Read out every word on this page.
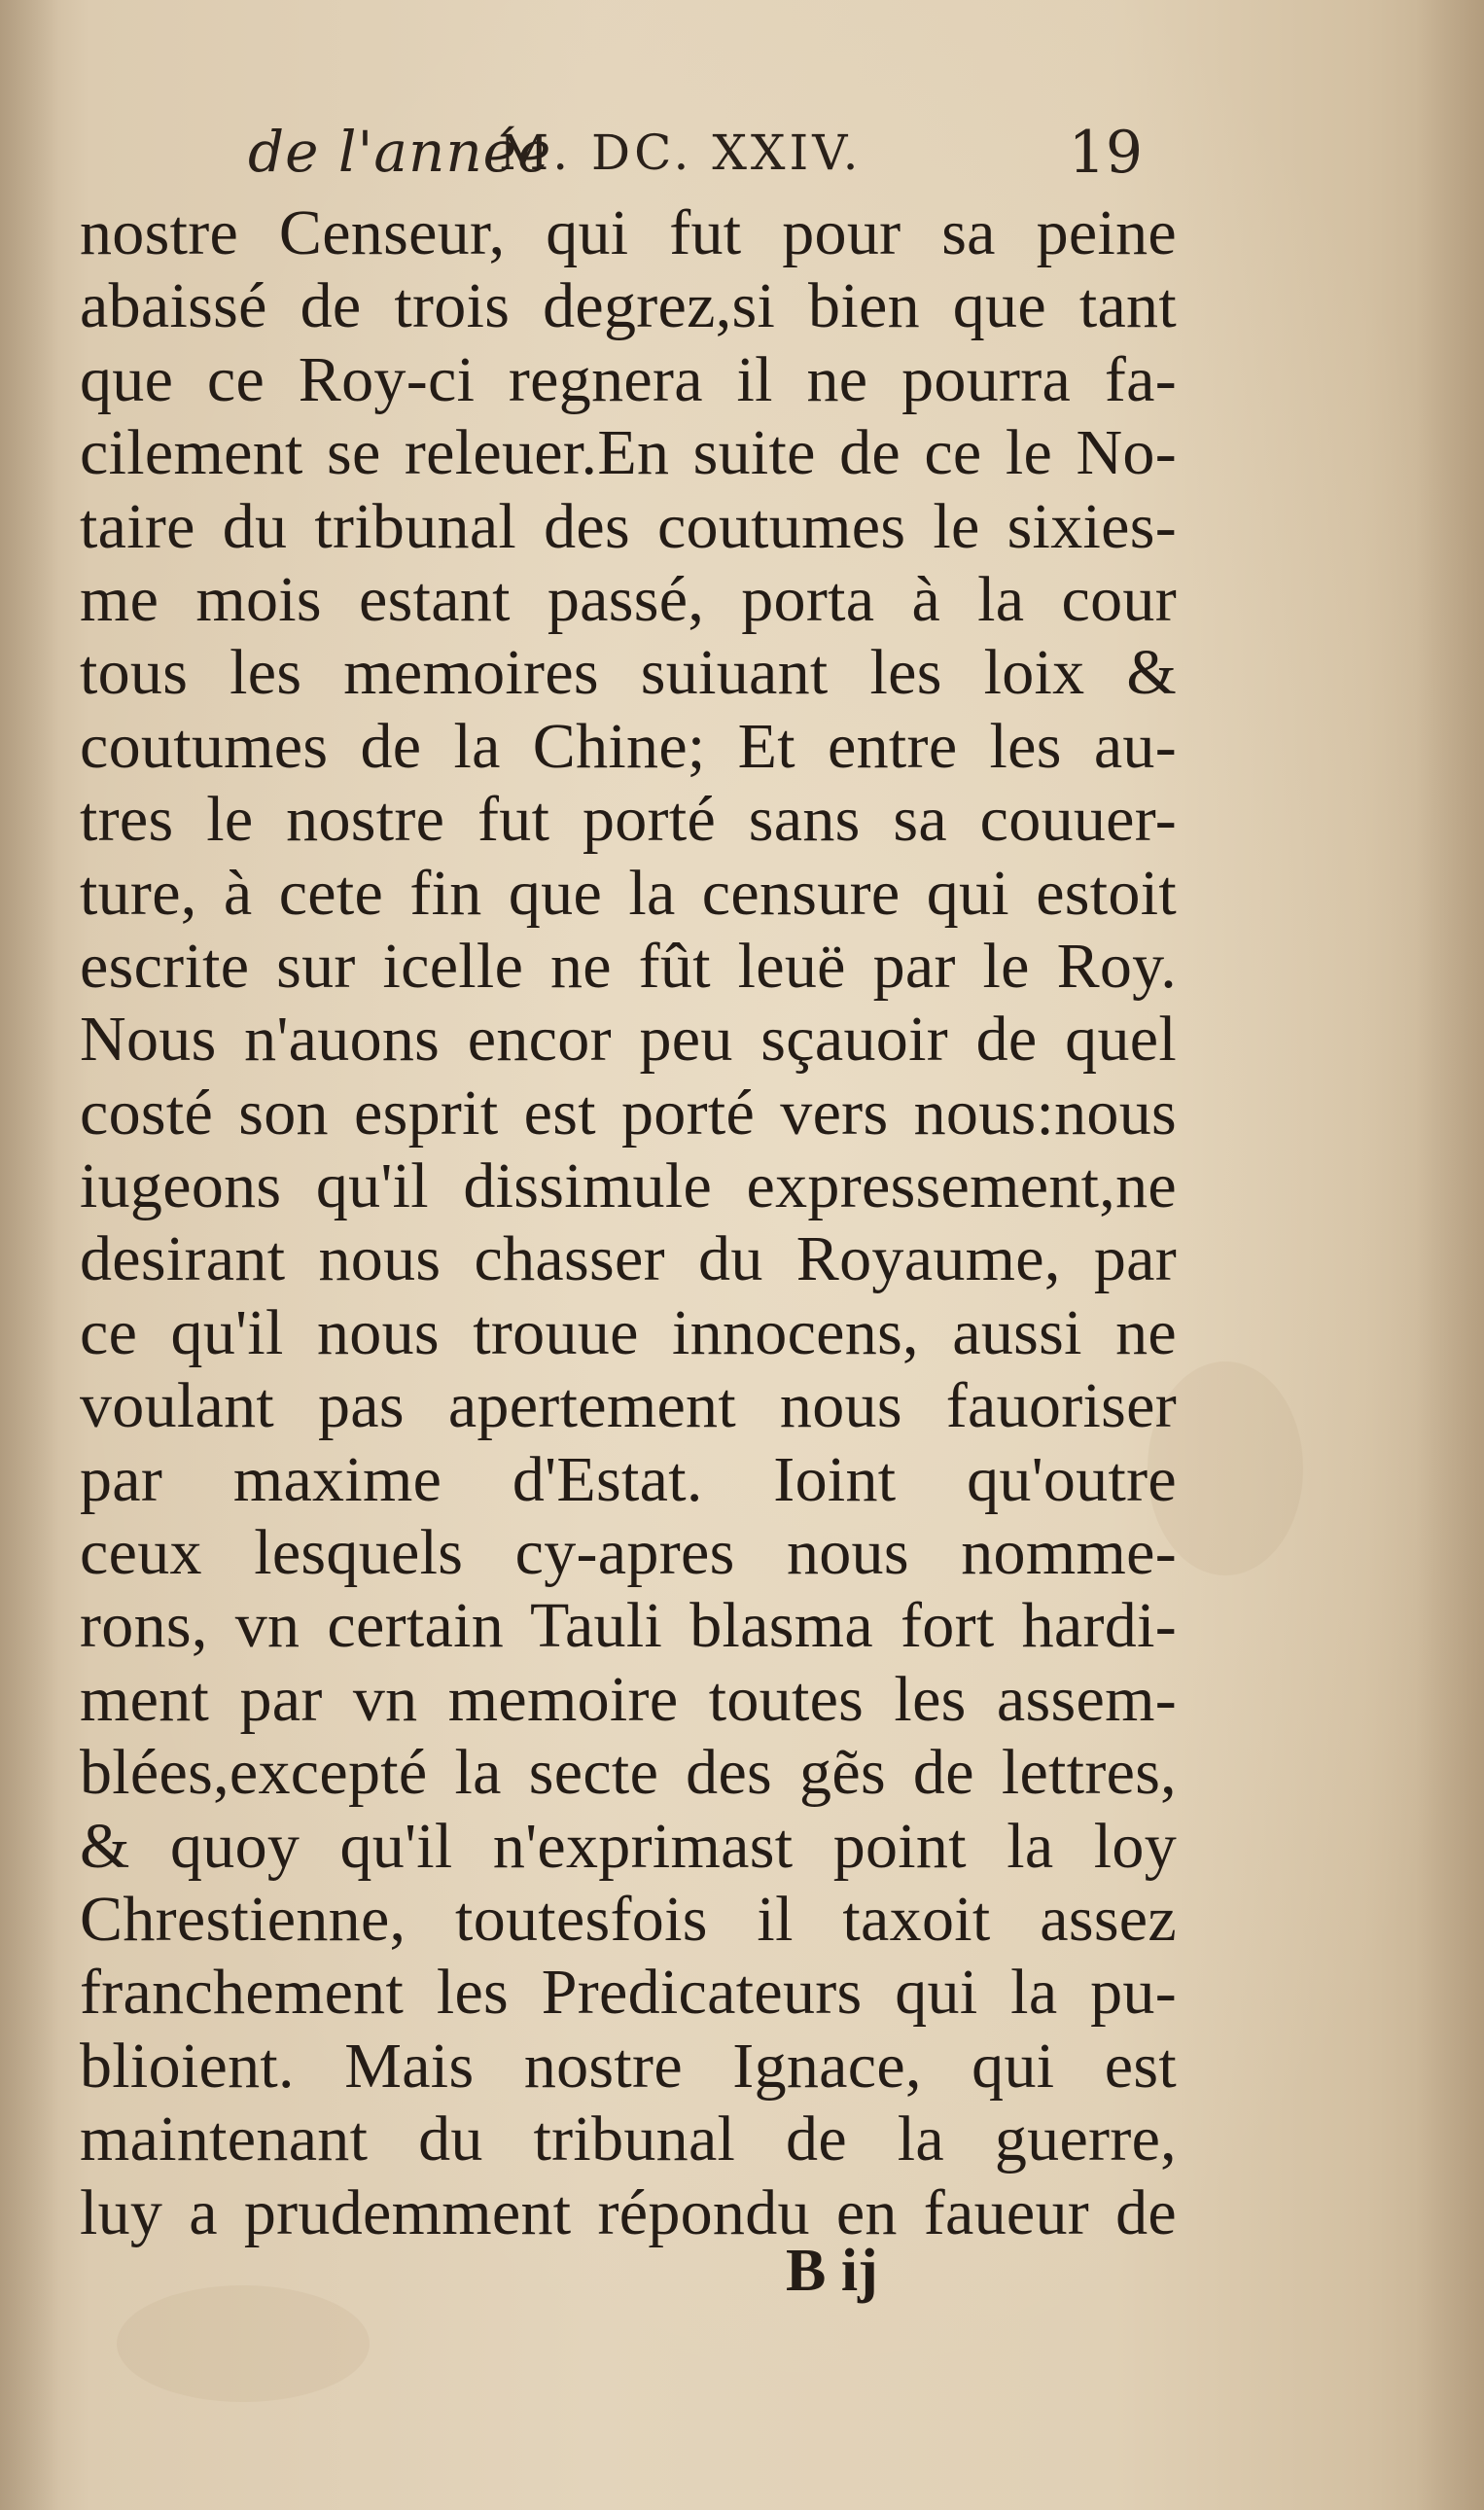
de l'année
M. DC. XXIV.	19
nostre Censeur, qui fut pour sa peine
abaissé de trois degrez,si bien que tant
que ce Roy-ci regnera il ne pourra fa-
cilement se releuer.En suite de ce le No-
taire du tribunal des coutumes le sixies-
me mois estant passé, porta à la cour
tous les memoires suiuant les loix &
coutumes de la Chine; Et entre les au-
tres le nostre fut porté sans sa couuer-
ture, à cete fin que la censure qui estoit
escrite sur icelle ne fût leuë par le Roy.
Nous n'auons encor peu sçauoir de quel
costé son esprit est porté vers nous:nous
iugeons qu'il dissimule expressement,ne
desirant nous chasser du Royaume, par
ce qu'il nous trouue innocens, aussi ne
voulant pas apertement nous fauoriser
par maxime d'Estat. Ioint qu'outre
ceux lesquels cy-apres nous nomme-
rons, vn certain Tauli blasma fort hardi-
ment par vn memoire toutes les assem-
blées,excepté la secte des gẽs de lettres,
& quoy qu'il n'exprimast point la loy
Chrestienne, toutesfois il taxoit assez
franchement les Predicateurs qui la pu-
blioient. Mais nostre Ignace, qui est
maintenant du tribunal de la guerre,
luy a prudemment répondu en faueur de
B ij
